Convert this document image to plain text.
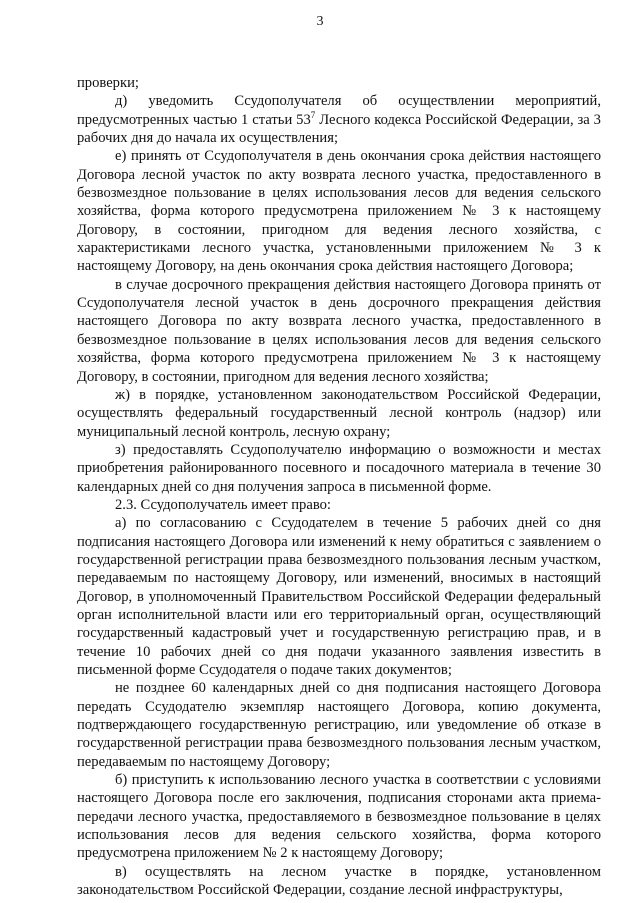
3

проверки;

д) уведомить Ссудополучателя об осуществлении мероприятий, предусмотренных частью 1 статьи $53^7$ Лесного кодекса Российской Федерации, за 3 рабочих дня до начала их осуществления;

е) принять от Ссудополучателя в день окончания срока действия настоящего Договора лесной участок по акту возврата лесного участка, предоставленного в безвозмездное пользование в целях использования лесов для ведения сельского хозяйства, форма которого предусмотрена приложением № 3 к настоящему Договору, в состоянии, пригодном для ведения лесного хозяйства, с характеристиками лесного участка, установленными приложением № 3 к настоящему Договору, на день окончания срока действия настоящего Договора;

в случае досрочного прекращения действия настоящего Договора принять от Ссудополучателя лесной участок в день досрочного прекращения действия настоящего Договора по акту возврата лесного участка, предоставленного в безвозмездное пользование в целях использования лесов для ведения сельского хозяйства, форма которого предусмотрена приложением № 3 к настоящему Договору, в состоянии, пригодном для ведения лесного хозяйства;

ж) в порядке, установленном законодательством Российской Федерации, осуществлять федеральный государственный лесной контроль (надзор) или муниципальный лесной контроль, лесную охрану;

з) предоставлять Ссудополучателю информацию о возможности и местах приобретения районированного посевного и посадочного материала в течение 30 календарных дней со дня получения запроса в письменной форме.

2.3. Ссудополучатель имеет право:

а) по согласованию с Ссудодателем в течение 5 рабочих дней со дня подписания настоящего Договора или изменений к нему обратиться с заявлением о государственной регистрации права безвозмездного пользования лесным участком, передаваемым по настоящему Договору, или изменений, вносимых в настоящий Договор, в уполномоченный Правительством Российской Федерации федеральный орган исполнительной власти или его территориальный орган, осуществляющий государственный кадастровый учет и государственную регистрацию прав, и в течение 10 рабочих дней со дня подачи указанного заявления известить в письменной форме Ссудодателя о подаче таких документов;

не позднее 60 календарных дней со дня подписания настоящего Договора передать Ссудодателю экземпляр настоящего Договора, копию документа, подтверждающего государственную регистрацию, или уведомление об отказе в государственной регистрации права безвозмездного пользования лесным участком, передаваемым по настоящему Договору;

б) приступить к использованию лесного участка в соответствии с условиями настоящего Договора после его заключения, подписания сторонами акта приема-передачи лесного участка, предоставляемого в безвозмездное пользование в целях использования лесов для ведения сельского хозяйства, форма которого предусмотрена приложением № 2 к настоящему Договору;

в) осуществлять на лесном участке в порядке, установленном законодательством Российской Федерации, создание лесной инфраструктуры,
